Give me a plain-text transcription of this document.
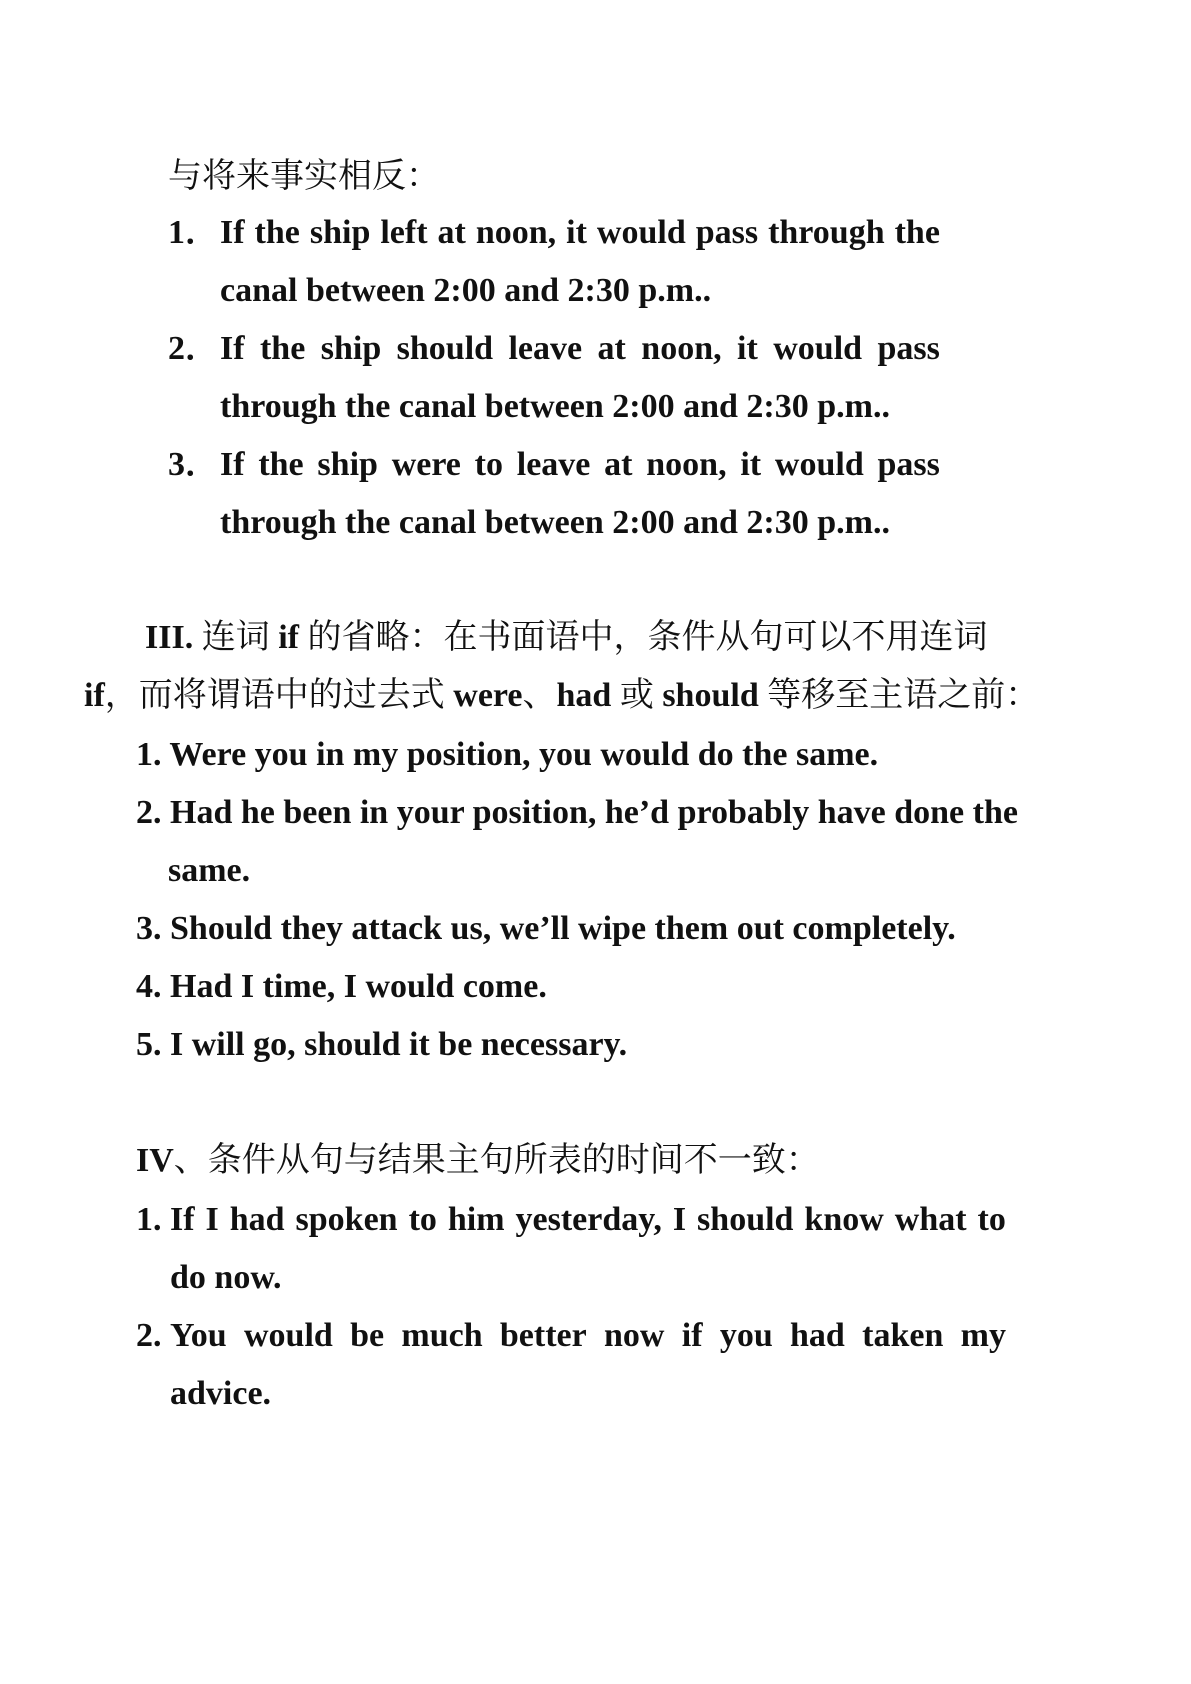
与将来事实相反：
1． If the ship left at noon, it would pass through the
canal between 2:00 and 2:30 p.m..
2． If the ship should leave at noon, it would pass
through the canal between 2:00 and 2:30 p.m..
3． If the ship were to leave at noon, it would pass
through the canal between 2:00 and 2:30 p.m..
III. 连词 if 的省略：在书面语中，条件从句可以不用连词
if，而将谓语中的过去式 were、had 或 should 等移至主语之前：
1. Were you in my position, you would do the same.
2. Had he been in your position, he’d probably have done the
same.
3. Should they attack us, we’ll wipe them out completely.
4. Had I time, I would come.
5. I will go, should it be necessary.
IV、条件从句与结果主句所表的时间不一致：
1. If I had spoken to him yesterday, I should know what to
do now.
2. You would be much better now if you had taken my
advice.
